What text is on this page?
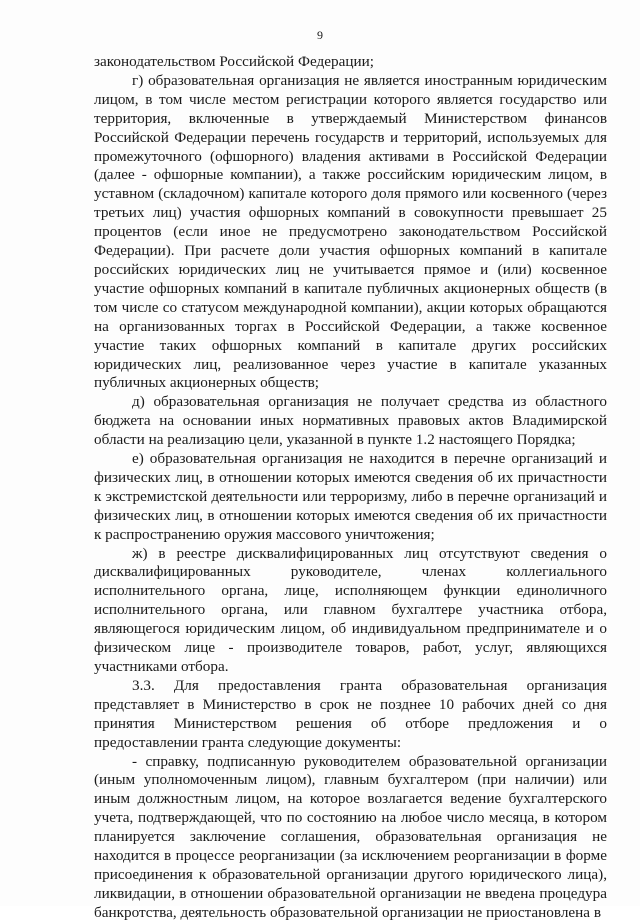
9

законодательством Российской Федерации;

г) образовательная организация не является иностранным юридическим лицом, в том числе местом регистрации которого является государство или территория, включенные в утверждаемый Министерством финансов Российской Федерации перечень государств и территорий, используемых для промежуточного (офшорного) владения активами в Российской Федерации (далее - офшорные компании), а также российским юридическим лицом, в уставном (складочном) капитале которого доля прямого или косвенного (через третьих лиц) участия офшорных компаний в совокупности превышает 25 процентов (если иное не предусмотрено законодательством Российской Федерации). При расчете доли участия офшорных компаний в капитале российских юридических лиц не учитывается прямое и (или) косвенное участие офшорных компаний в капитале публичных акционерных обществ (в том числе со статусом международной компании), акции которых обращаются на организованных торгах в Российской Федерации, а также косвенное участие таких офшорных компаний в капитале других российских юридических лиц, реализованное через участие в капитале указанных публичных акционерных обществ;

д) образовательная организация не получает средства из областного бюджета на основании иных нормативных правовых актов Владимирской области на реализацию цели, указанной в пункте 1.2 настоящего Порядка;

е) образовательная организация не находится в перечне организаций и физических лиц, в отношении которых имеются сведения об их причастности к экстремистской деятельности или терроризму, либо в перечне организаций и физических лиц, в отношении которых имеются сведения об их причастности к распространению оружия массового уничтожения;

ж) в реестре дисквалифицированных лиц отсутствуют сведения о дисквалифицированных руководителе, членах коллегиального исполнительного органа, лице, исполняющем функции единоличного исполнительного органа, или главном бухгалтере участника отбора, являющегося юридическим лицом, об индивидуальном предпринимателе и о физическом лице - производителе товаров, работ, услуг, являющихся участниками отбора.

3.3. Для предоставления гранта образовательная организация представляет в Министерство в срок не позднее 10 рабочих дней со дня принятия Министерством решения об отборе предложения и о предоставлении гранта следующие документы:

- справку, подписанную руководителем образовательной организации (иным уполномоченным лицом), главным бухгалтером (при наличии) или иным должностным лицом, на которое возлагается ведение бухгалтерского учета, подтверждающей, что по состоянию на любое число месяца, в котором планируется заключение соглашения, образовательная организация не находится в процессе реорганизации (за исключением реорганизации в форме присоединения к образовательной организации другого юридического лица), ликвидации, в отношении образовательной организации не введена процедура банкротства, деятельность образовательной организации не приостановлена в
